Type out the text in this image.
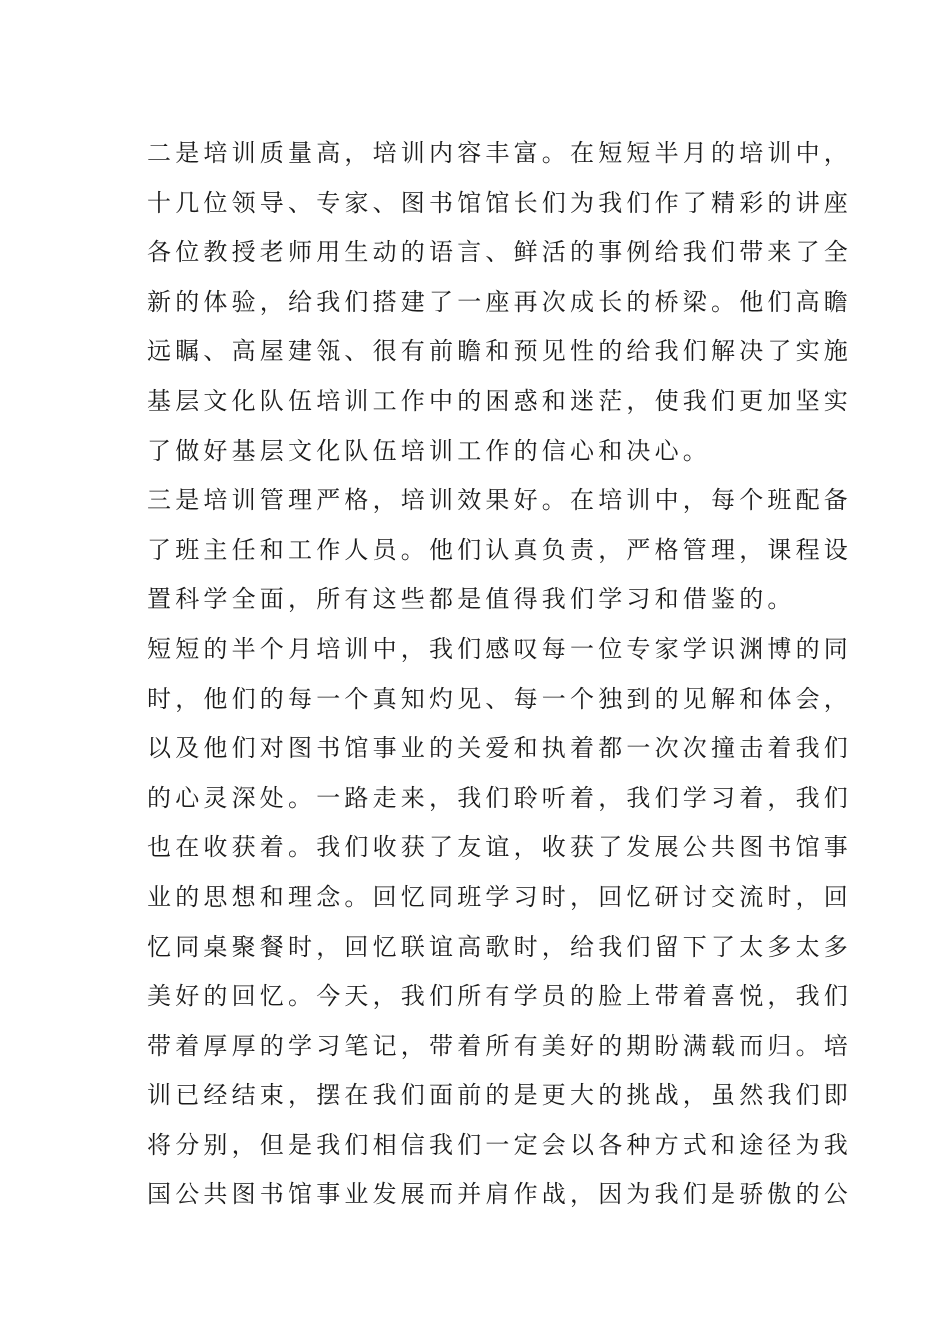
二是培训质量高，培训内容丰富。在短短半月的培训中，
十几位领导、专家、图书馆馆长们为我们作了精彩的讲座
各位教授老师用生动的语言、鲜活的事例给我们带来了全
新的体验，给我们搭建了一座再次成长的桥梁。他们高瞻
远瞩、高屋建瓴、很有前瞻和预见性的给我们解决了实施
基层文化队伍培训工作中的困惑和迷茫，使我们更加坚实
了做好基层文化队伍培训工作的信心和决心。
三是培训管理严格，培训效果好。在培训中，每个班配备
了班主任和工作人员。他们认真负责，严格管理，课程设
置科学全面，所有这些都是值得我们学习和借鉴的。
短短的半个月培训中，我们感叹每一位专家学识渊博的同
时，他们的每一个真知灼见、每一个独到的见解和体会，
以及他们对图书馆事业的关爱和执着都一次次撞击着我们
的心灵深处。一路走来，我们聆听着，我们学习着，我们
也在收获着。我们收获了友谊，收获了发展公共图书馆事
业的思想和理念。回忆同班学习时，回忆研讨交流时，回
忆同桌聚餐时，回忆联谊高歌时，给我们留下了太多太多
美好的回忆。今天，我们所有学员的脸上带着喜悦，我们
带着厚厚的学习笔记，带着所有美好的期盼满载而归。培
训已经结束，摆在我们面前的是更大的挑战，虽然我们即
将分别，但是我们相信我们一定会以各种方式和途径为我
国公共图书馆事业发展而并肩作战，因为我们是骄傲的公
